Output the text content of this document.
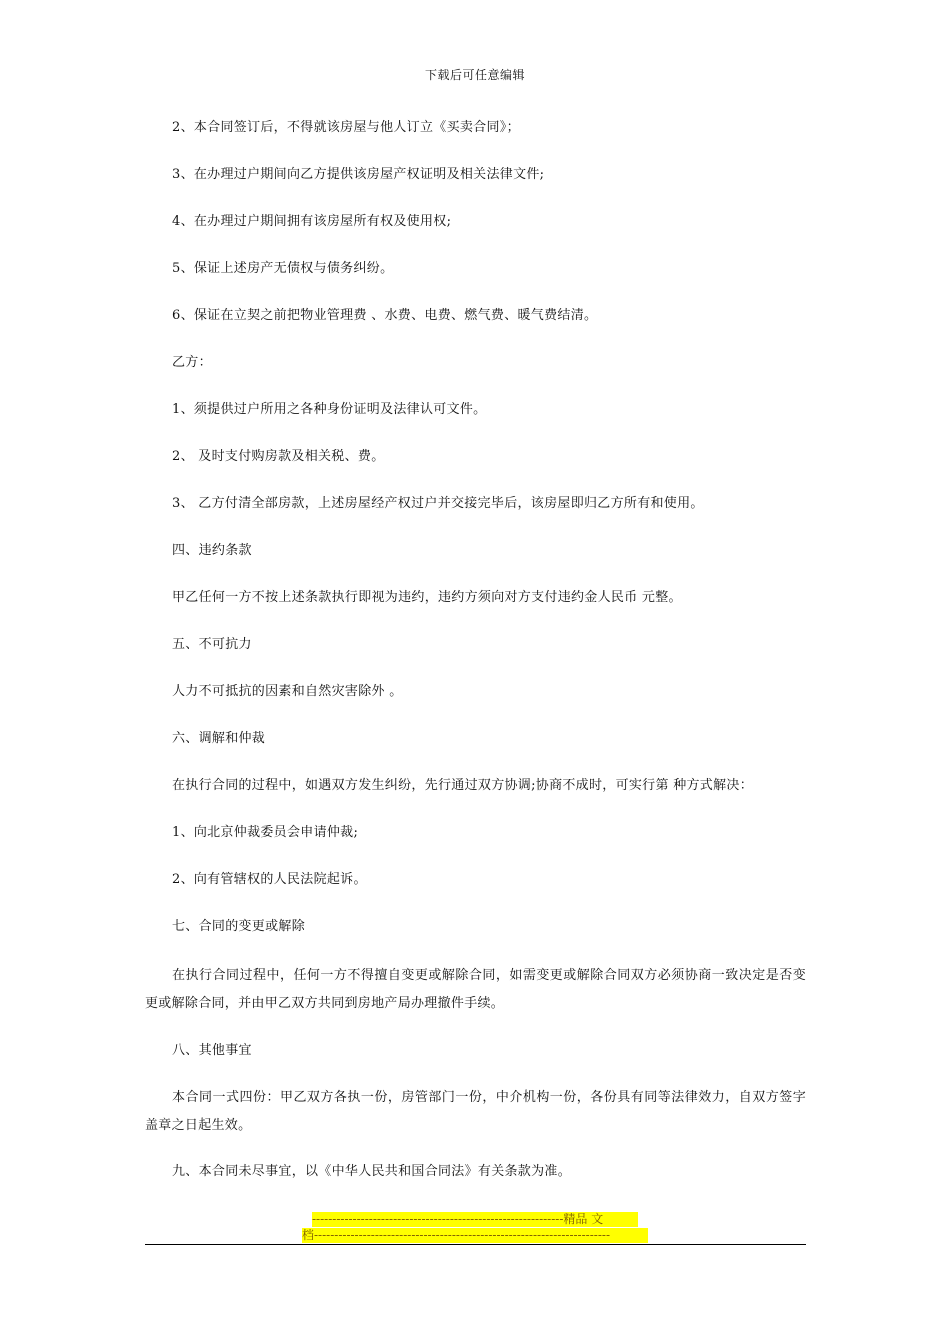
下载后可任意编辑
2、本合同签订后，不得就该房屋与他人订立《买卖合同》；
3、在办理过户期间向乙方提供该房屋产权证明及相关法律文件;
4、在办理过户期间拥有该房屋所有权及使用权;
5、保证上述房产无债权与债务纠纷。
6、保证在立契之前把物业管理费 、水费、电费、燃气费、暖气费结清。
乙方：
1、须提供过户所用之各种身份证明及法律认可文件。
2、 及时支付购房款及相关税、费。
3、 乙方付清全部房款，上述房屋经产权过户并交接完毕后，该房屋即归乙方所有和使用。
四、违约条款
甲乙任何一方不按上述条款执行即视为违约，违约方须向对方支付违约金人民币 元整。
五、不可抗力
人力不可抵抗的因素和自然灾害除外 。
六、调解和仲裁
在执行合同的过程中，如遇双方发生纠纷，先行通过双方协调;协商不成时，可实行第 种方式解决：
1、向北京仲裁委员会申请仲裁;
2、向有管辖权的人民法院起诉。
七、合同的变更或解除
在执行合同过程中，任何一方不得擅自变更或解除合同，如需变更或解除合同双方必须协商一致决定是否变更或解除合同，并由甲乙双方共同到房地产局办理撤件手续。
八、其他事宜
本合同一式四份：甲乙双方各执一份，房管部门一份，中介机构一份，各份具有同等法律效力，自双方签字盖章之日起生效。
九、本合同未尽事宜，以《中华人民共和国合同法》有关条款为准。
--------------------------------------------------------------精品 文
档-------------------------------------------------------------------------
